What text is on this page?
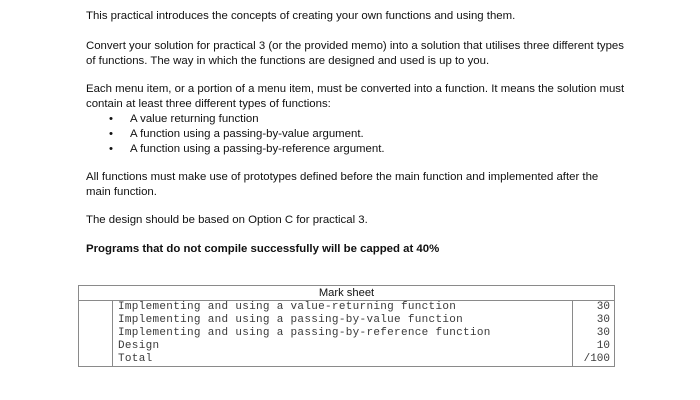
This practical introduces the concepts of creating your own functions and using them.

Convert your solution for practical 3 (or the provided memo) into a solution that utilises three different types of functions. The way in which the functions are designed and used is up to you.

Each menu item, or a portion of a menu item, must be converted into a function. It means the solution must contain at least three different types of functions:

• A value returning function
• A function using a passing-by-value argument.
• A function using a passing-by-reference argument.

All functions must make use of prototypes defined before the main function and implemented after the main function.

The design should be based on Option C for practical 3.

Programs that do not compile successfully will be capped at 40%

Mark sheet		
	Implementing and using a value-returning function	30
	Implementing and using a passing-by-value function	30
	Implementing and using a passing-by-reference function	30
	Design	10
	Total	/100
